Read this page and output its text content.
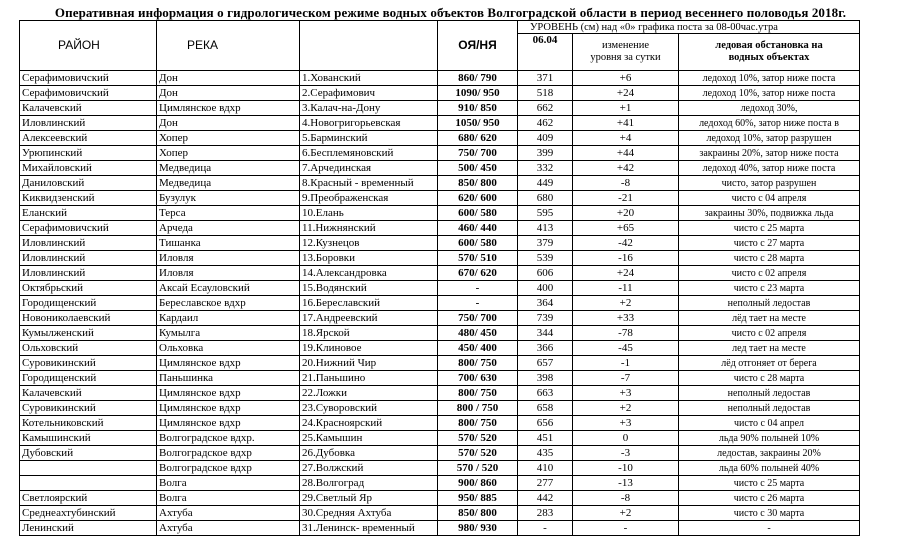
Оперативная информация о гидрологическом режиме водных объектов Волгоградской области в период весеннего половодья 2018г.
РАЙОН	РЕКА		ОЯ/НЯ	УРОВЕНЬ (см) над «0» графика поста за 08-00час.утра		
				06.04	изменение
уровня за сутки	ледовая обстановка на
водных объектах
Серафимовичский	Дон	1.Хованский	860/ 790	371	+6	ледоход 10%, затор ниже поста
Серафимовичский	Дон	2.Серафимович	1090/ 950	518	+24	ледоход 10%, затор ниже поста
Калачевский	Цимлянское вдхр	3.Калач-на-Дону	910/ 850	662	+1	ледоход 30%,
Иловлинский	Дон	4.Новогригорьевская	1050/ 950	462	+41	ледоход 60%, затор ниже поста в
Алексеевский	Хопер	5.Барминский	680/ 620	409	+4	ледоход 10%, затор разрушен
Урюпинский	Хопер	6.Бесплемяновский	750/ 700	399	+44	закраины 20%, затор ниже поста
Михайловский	Медведица	7.Арчединская	500/ 450	332	+42	ледоход 40%, затор ниже поста
Даниловский	Медведица	8.Красный - временный	850/ 800	449	-8	чисто, затор разрушен
Киквидзенский	Бузулук	9.Преображенская	620/ 600	680	-21	чисто с 04 апреля
Еланский	Терса	10.Елань	600/ 580	595	+20	закраины 30%, подвижка льда
Серафимовичский	Арчеда	11.Нижнянский	460/ 440	413	+65	чисто с 25 марта
Иловлинский	Тишанка	12.Кузнецов	600/ 580	379	-42	чисто с 27 марта
Иловлинский	Иловля	13.Боровки	570/ 510	539	-16	чисто с 28 марта
Иловлинский	Иловля	14.Александровка	670/ 620	606	+24	чисто с 02 апреля
Октябрьский	Аксай Есауловский	15.Водянский	-	400	-11	чисто с 23 марта
Городищенский	Береславское вдхр	16.Береславский	-	364	+2	неполный ледостав
Новониколаевский	Кардаил	17.Андреевский	750/ 700	739	+33	лёд тает на месте
Кумылженский	Кумылга	18.Ярской	480/ 450	344	-78	чисто с 02 апреля
Ольховский	Ольховка	19.Клиновое	450/ 400	366	-45	лед тает на месте
Суровикинский	Цимлянское вдхр	20.Нижний Чир	800/ 750	657	-1	лёд отгоняет от берега
Городищенский	Паньшинка	21.Паньшино	700/ 630	398	-7	чисто с 28 марта
Калачевский	Цимлянское вдхр	22.Ложки	800/ 750	663	+3	неполный ледостав
Суровикинский	Цимлянское вдхр	23.Суворовский	800 / 750	658	+2	неполный ледостав
Котельниковский	Цимлянское вдхр	24.Красноярский	800/ 750	656	+3	чисто с 04 апрел
Камышинский	Волгоградское вдхр.	25.Камышин	570/ 520	451	0	льда 90% полыней 10%
Дубовский	Волгоградское вдхр	26.Дубовка	570/ 520	435	-3	ледостав, закраины 20%
	Волгоградское вдхр	27.Волжский	570 / 520	410	-10	льда 60% полыней 40%
	Волга	28.Волгоград	900/ 860	277	-13	чисто с 25 марта
Светлоярский	Волга	29.Светлый Яр	950/ 885	442	-8	чисто с 26 марта
Среднеахтубинский	Ахтуба	30.Средняя Ахтуба	850/ 800	283	+2	чисто с 30 марта
Ленинский	Ахтуба	31.Ленинск- временный	980/ 930	-	-	-
